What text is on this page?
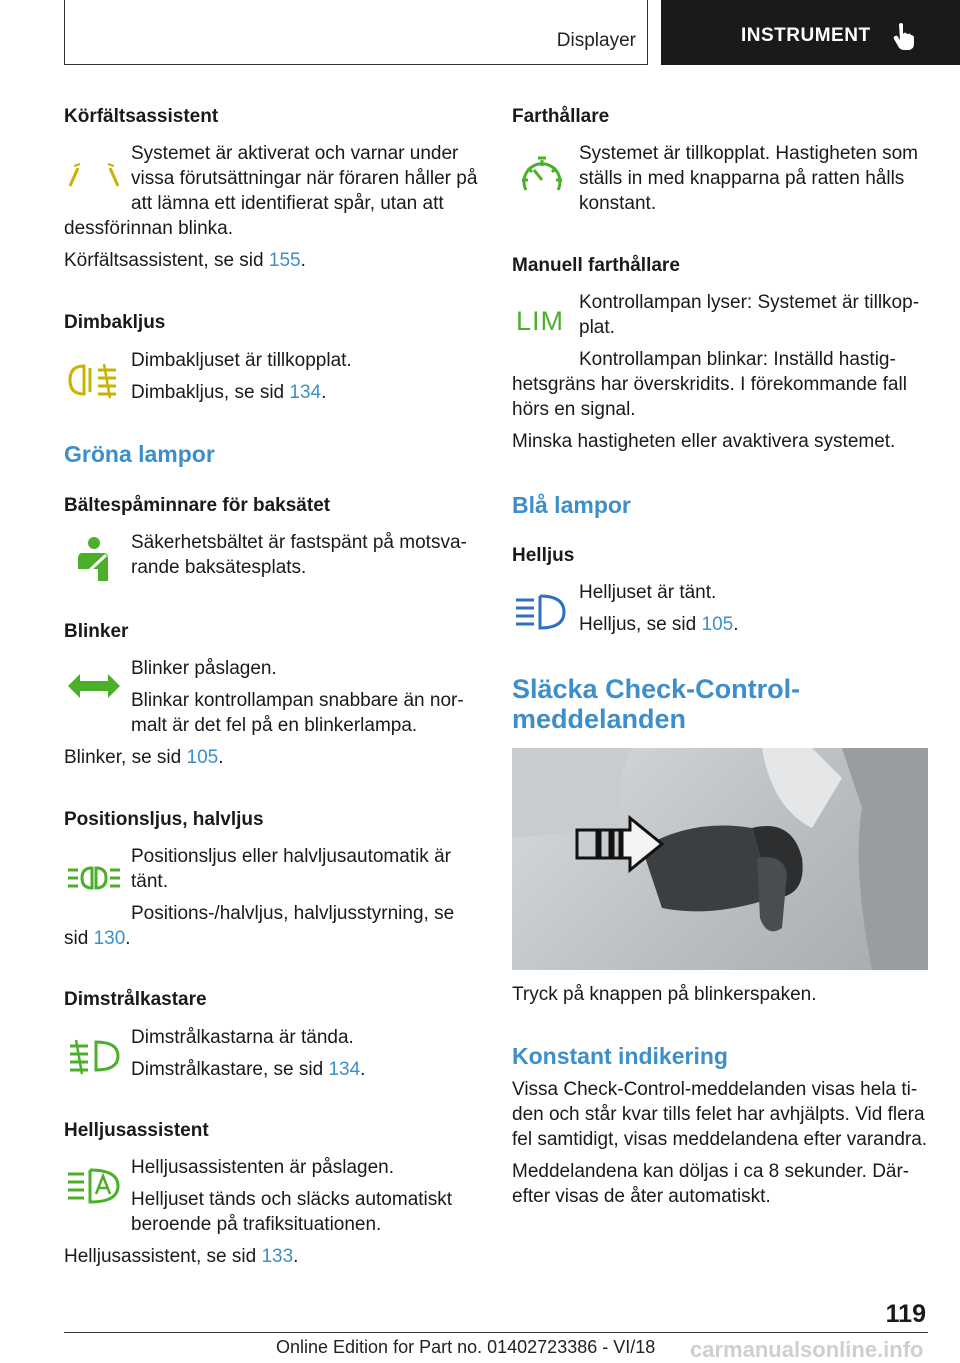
Displayer	INSTRUMENT
Körfältsassistent
Systemet är aktiverat och varnar under
vissa förutsättningar när föraren håller på
att lämna ett identifierat spår, utan att
dessförinnan blinka.
Körfältsassistent, se sid 155.
Dimbakljus
Dimbakljuset är tillkopplat.
Dimbakljus, se sid 134.
Gröna lampor
Bältespåminnare för baksätet
Säkerhetsbältet är fastspänt på motsva-
rande baksätesplats.
Blinker
Blinker påslagen.
Blinkar kontrollampan snabbare än nor-
malt är det fel på en blinkerlampa.
Blinker, se sid 105.
Positionsljus, halvljus
Positionsljus eller halvljusautomatik är
tänt.
Positions-/halvljus, halvljusstyrning, se
sid 130.
Dimstrålkastare
Dimstrålkastarna är tända.
Dimstrålkastare, se sid 134.
Helljusassistent
Helljusassistenten är påslagen.
Helljuset tänds och släcks automatiskt
beroende på trafiksituationen.
Helljusassistent, se sid 133.
Farthållare
Systemet är tillkopplat. Hastigheten som
ställs in med knapparna på ratten hålls
konstant.
Manuell farthållare
LIM
Kontrollampan lyser: Systemet är tillkop-
plat.
Kontrollampan blinkar: Inställd hastig-
hetsgräns har överskridits. I förekommande fall
hörs en signal.
Minska hastigheten eller avaktivera systemet.
Blå lampor
Helljus
Helljuset är tänt.
Helljus, se sid 105.
Släcka Check-Control-
meddelanden
Tryck på knappen på blinkerspaken.
Konstant indikering
Vissa Check-Control-meddelanden visas hela ti-
den och står kvar tills felet har avhjälpts. Vid flera
fel samtidigt, visas meddelandena efter varandra.
Meddelandena kan döljas i ca 8 sekunder. Där-
efter visas de åter automatiskt.
119
Online Edition for Part no. 01402723386 - VI/18 carmanualsonline.info
